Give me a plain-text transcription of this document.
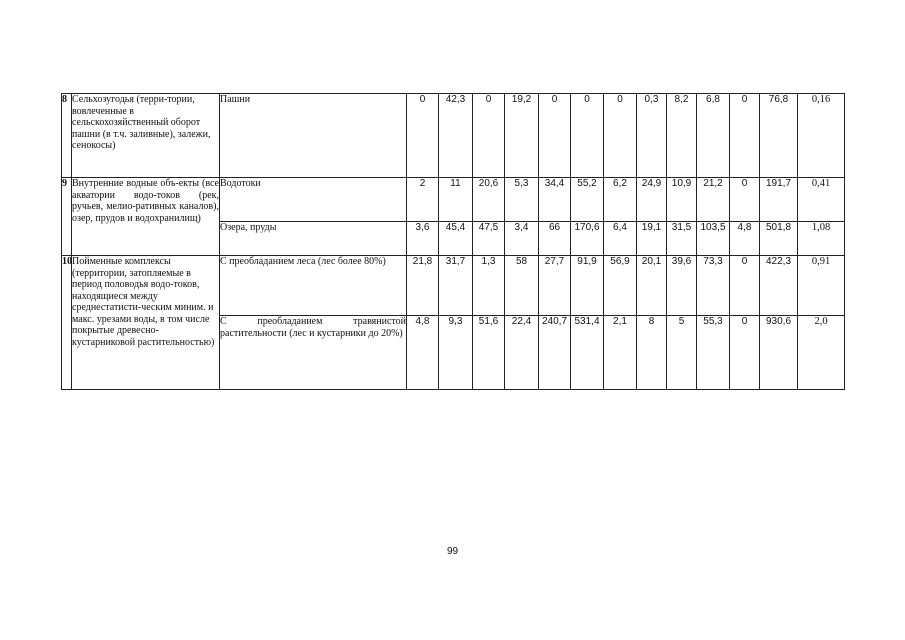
8	Сельхозугодья (терри-тории, вовлеченные в сельскохозяйственный оборот пашни (в т.ч. заливные), залежи, сенокосы)	Пашни	0	42,3	0	19,2	0	0	0	0,3	8,2	6,8	0	76,8	0,16
9	Внутренние водные объ-екты (все акватории водо-токов (рек, ручьев, мелио-ративных каналов), озер, прудов и водохранилищ)	Водотоки	2	11	20,6	5,3	34,4	55,2	6,2	24,9	10,9	21,2	0	191,7	0,41
		Озера, пруды	3,6	45,4	47,5	3,4	66	170,6	6,4	19,1	31,5	103,5	4,8	501,8	1,08
10	Пойменные комплексы (территории, затопляемые в период половодья водо-токов, находящиеся между среднестатисти-ческим миним. и макс. урезами воды, в том числе покрытые древесно-кустарниковой растительностью)	С преобладанием леса (лес более 80%)	21,8	31,7	1,3	58	27,7	91,9	56,9	20,1	39,6	73,3	0	422,3	0,91
		С преобладанием травянистой растительности (лес и кустарники до 20%)	4,8	9,3	51,6	22,4	240,7	531,4	2,1	8	5	55,3	0	930,6	2,0
99
